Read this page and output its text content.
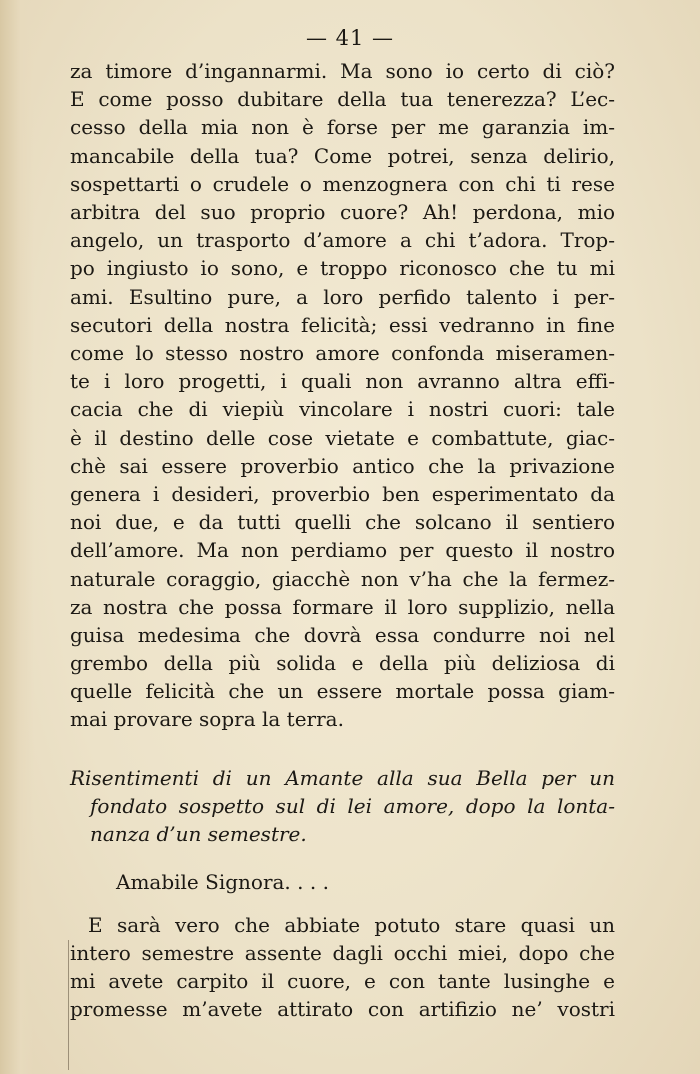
— 41 —
za timore d’ingannarmi. Ma sono io certo di ciò?
E come posso dubitare della tua tenerezza? L’ec-
cesso della mia non è forse per me garanzia im-
mancabile della tua? Come potrei, senza delirio,
sospettarti o crudele o menzognera con chi ti rese
arbitra del suo proprio cuore? Ah! perdona, mio
angelo, un trasporto d’amore a chi t’adora. Trop-
po ingiusto io sono, e troppo riconosco che tu mi
ami. Esultino pure, a loro perfido talento i per-
secutori della nostra felicità; essi vedranno in fine
come lo stesso nostro amore confonda miseramen-
te i loro progetti, i quali non avranno altra effi-
cacia che di viepiù vincolare i nostri cuori: tale
è il destino delle cose vietate e combattute, giac-
chè sai essere proverbio antico che la privazione
genera i desideri, proverbio ben esperimentato da
noi due, e da tutti quelli che solcano il sentiero
dell’amore. Ma non perdiamo per questo il nostro
naturale coraggio, giacchè non v’ha che la fermez-
za nostra che possa formare il loro supplizio, nella
guisa medesima che dovrà essa condurre noi nel
grembo della più solida e della più deliziosa di
quelle felicità che un essere mortale possa giam-
mai provare sopra la terra.
Risentimenti di un Amante alla sua Bella per un
fondato sospetto sul di lei amore, dopo la lonta-
nanza d’un semestre.
Amabile Signora. . . .
E sarà vero che abbiate potuto stare quasi un
intero semestre assente dagli occhi miei, dopo che
mi avete carpito il cuore, e con tante lusinghe e
promesse m’avete attirato con artifizio ne’ vostri
